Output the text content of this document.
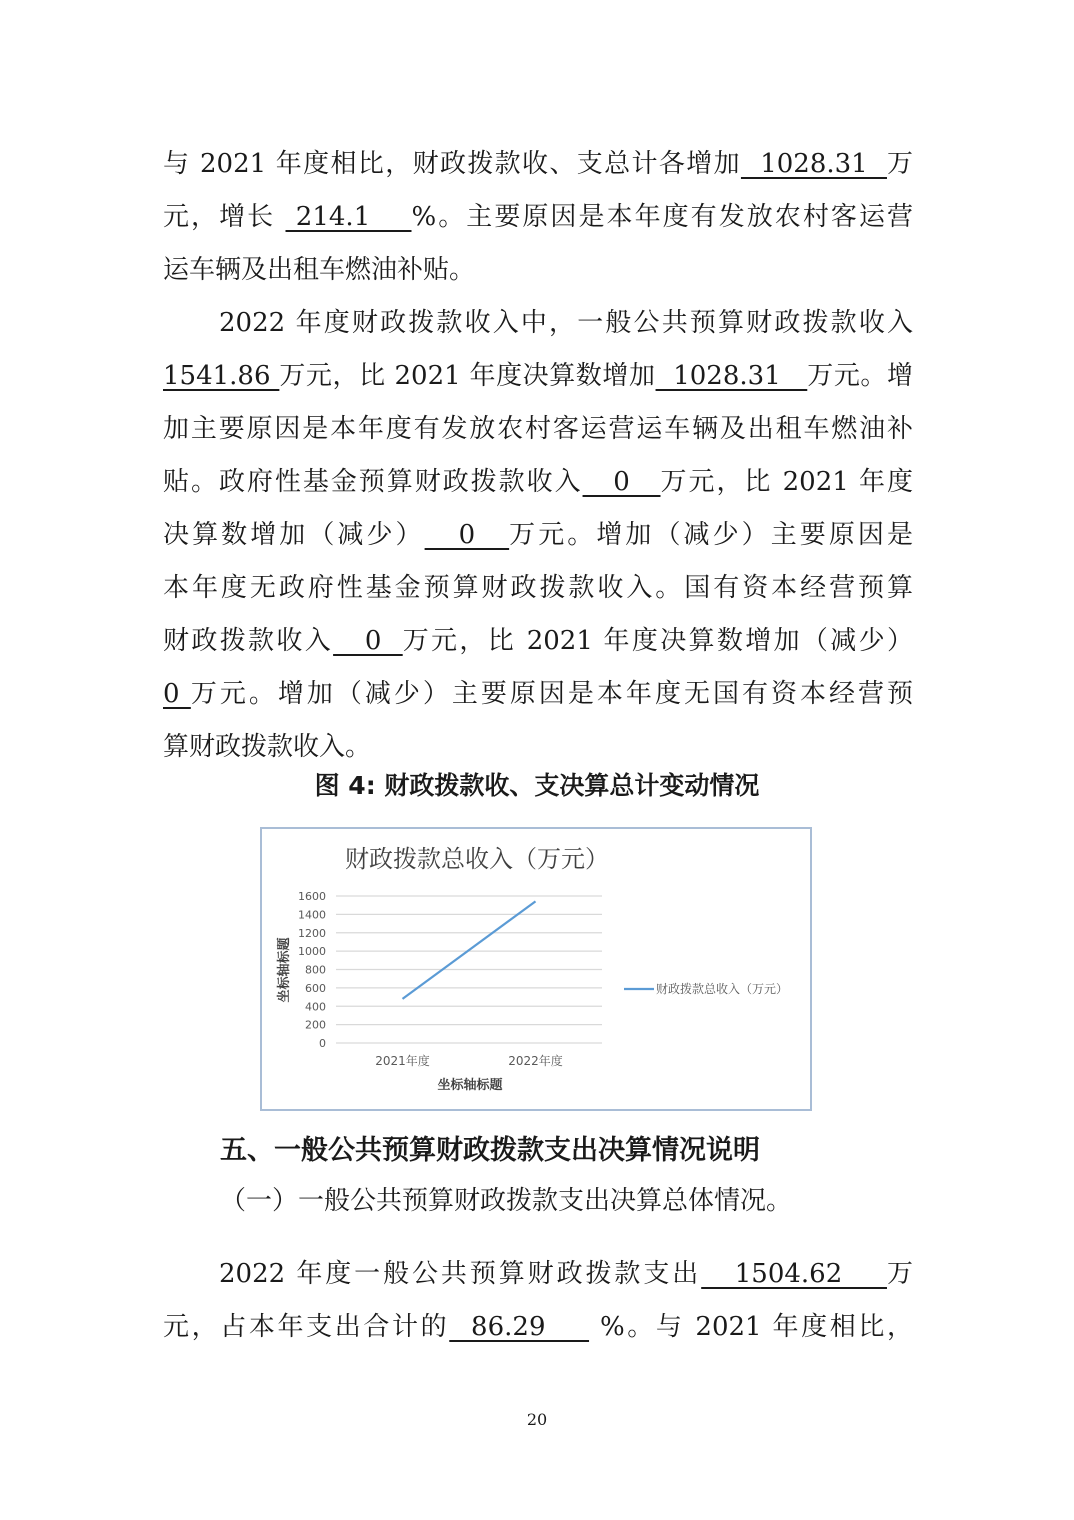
与 2021 年度相比，财政拨款收、支总计各增加  1028.31  万
元，增长  214.1    %。主要原因是本年度有发放农村客运营
运车辆及出租车燃油补贴。
2022 年度财政拨款收入中，一般公共预算财政拨款收入
1541.86 万元，比 2021 年度决算数增加  1028.31   万元。增
加主要原因是本年度有发放农村客运营运车辆及出租车燃油补
贴。政府性基金预算财政拨款收入   0   万元，比 2021 年度
决算数增加（减少）   0   万元。增加（减少）主要原因是
本年度无政府性基金预算财政拨款收入。国有资本经营预算
财政拨款收入   0  万元，比 2021 年度决算数增加（减少）
0 万元。增加（减少）主要原因是本年度无国有资本经营预
算财政拨款收入。
图 4: 财政拨款收、支决算总计变动情况
财政拨款总收入（万元）
0
200
400
600
800
1000
1200
1400
1600
2021年度	2022年度
坐标轴标题
坐标轴标题
财政拨款总收入（万元）
五、一般公共预算财政拨款支出决算情况说明
（一）一般公共预算财政拨款支出决算总体情况。
2022 年度一般公共预算财政拨款支出   1504.62    万
元，占本年支出合计的  86.29     %。与 2021 年度相比，
20
